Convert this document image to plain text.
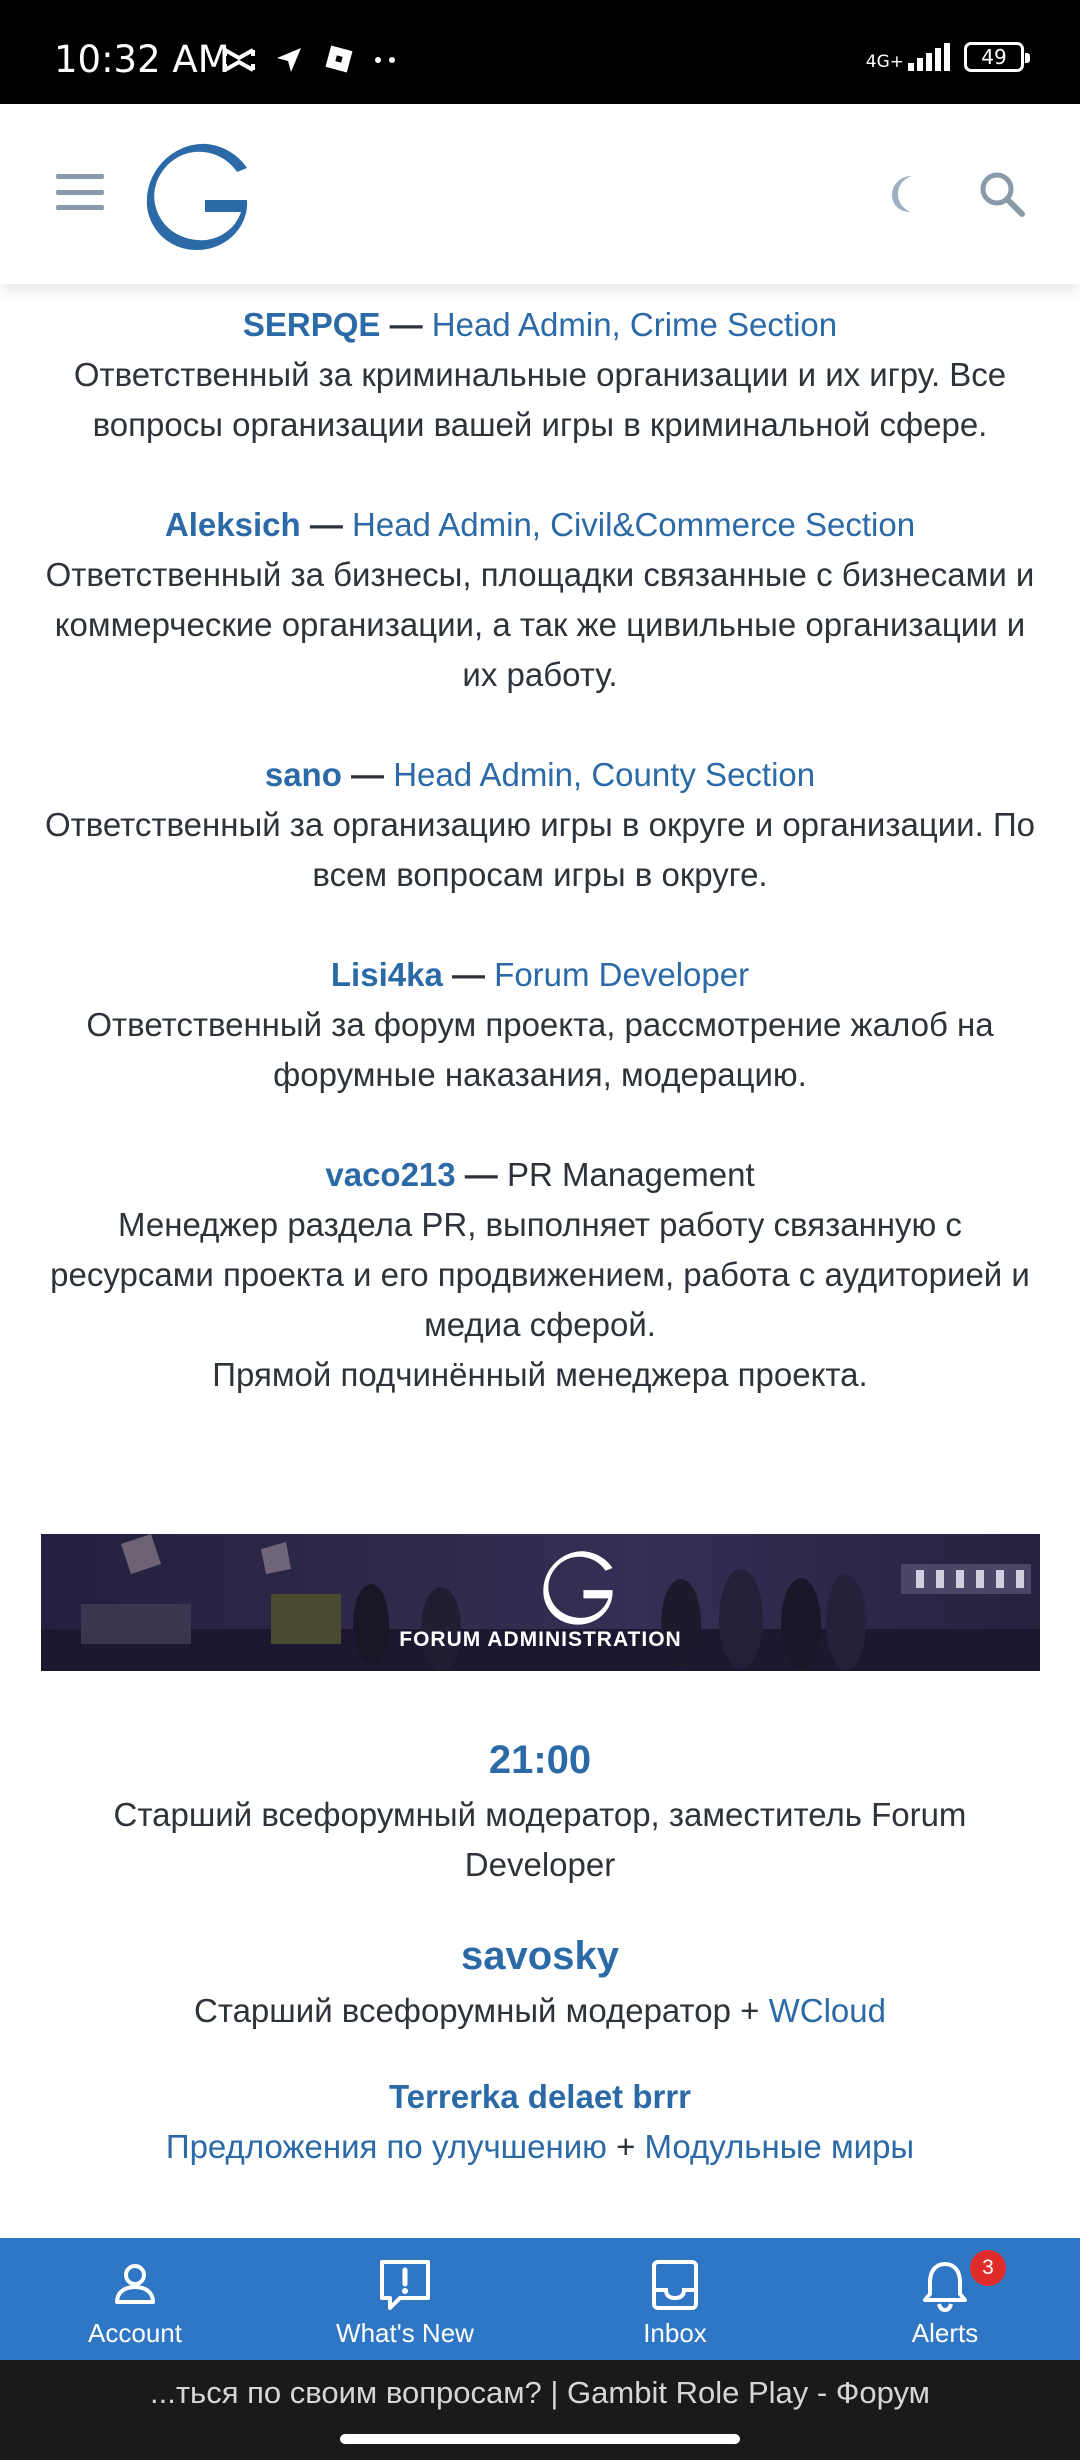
10:32 AM	4G+	49
SERPQE — Head Admin, Crime Section
Ответственный за криминальные организации и их игру. Все вопросы организации вашей игры в криминальной сфере.
Aleksich — Head Admin, Civil&Commerce Section
Ответственный за бизнесы, площадки связанные с бизнесами и коммерческие организации, а так же цивильные организации и их работу.
sano — Head Admin, County Section
Ответственный за организацию игры в округе и организации. По всем вопросам игры в округе.
Lisi4ka — Forum Developer
Ответственный за форум проекта, рассмотрение жалоб на форумные наказания, модерацию.
vaco213 — PR Management
Менеджер раздела PR, выполняет работу связанную с ресурсами проекта и его продвижением, работа с аудиторией и медиа сферой.
Прямой подчинённый менеджера проекта.
FORUM ADMINISTRATION
21:00
Старший всефорумный модератор, заместитель Forum Developer
savosky
Старший всефорумный модератор + WCloud
Terrerka delaet brrr
Предложения по улучшению + Модульные миры
Account	What's New	Inbox	Alerts
3
...ться по своим вопросам? | Gambit Role Play - Форум
